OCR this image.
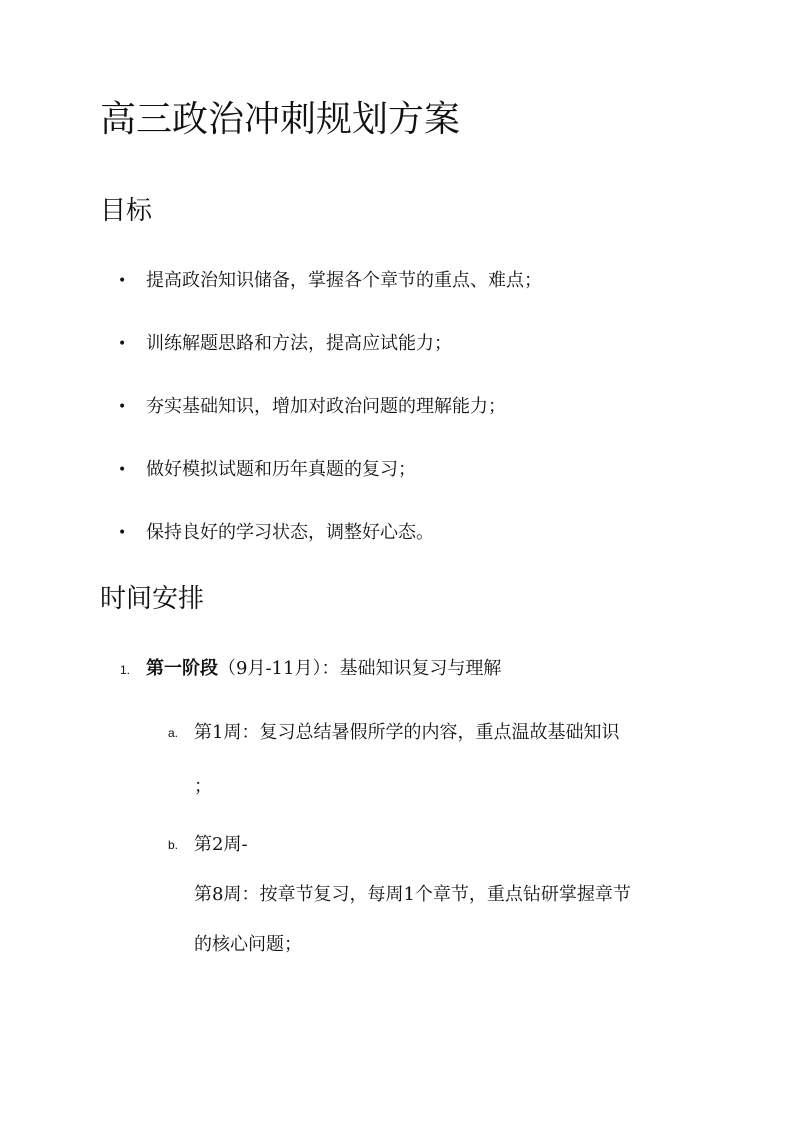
高三政治冲刺规划方案
目标
• 提高政治知识储备，掌握各个章节的重点、难点；
• 训练解题思路和方法，提高应试能力；
• 夯实基础知识，增加对政治问题的理解能力；
• 做好模拟试题和历年真题的复习；
• 保持良好的学习状态，调整好心态。
时间安排
1. 第一阶段（9月-11月）：基础知识复习与理解
a. 第1周：复习总结暑假所学的内容，重点温故基础知识
；
b. 第2周-
第8周：按章节复习，每周1个章节，重点钻研掌握章节
的核心问题；
